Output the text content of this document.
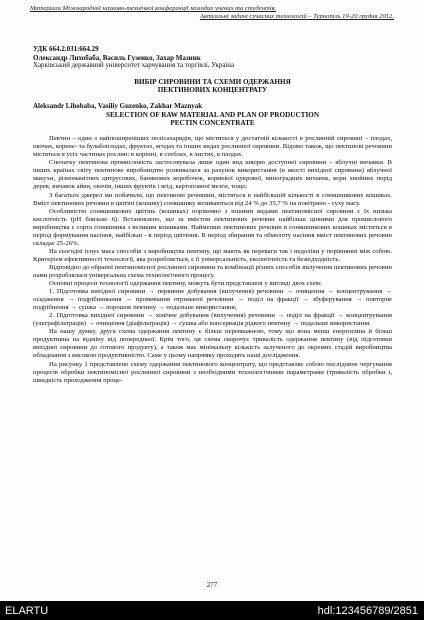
Матеріали Міжнародної науково-технічної конференції молодих учених та студентів.
Актуальні задачі сучасних технологій – Тернопіль 19-20 грудня 2012.

УДК 664.2.031:664.29

Олександр Лихобаба, Василь Гузенко, Захар Мазник

Харківський державний університет харчування та торгівлі, Україна

ВИБІР СИРОВИНИ ТА СХЕМИ ОДЕРЖАННЯ

ПЕКТИНОВИХ КОНЦЕНТРАТУ

Aleksandr Lihobaba, Vasiliy Guzenko, Zakhar Maznyak

SELECTION OF RAW MATERIAL AND PLAN OF PRODUCTION

PECTIN CONCENTRATE

Пектин – один з найпоширеніших полісахаридів, що міститься у достатній кількості в рослинній сировині – плодах, овочах, корене- та бульбоплодах, фруктах, ягодах та інших видах рослинної сировини. Відомо також, що пектинові речовини містяться в усіх частинах рослин: в корінні, в стеблах, в листях, в плодах.

Спочатку пектинова промисловість застосовувала лише один вид шкорю доступної сировини – яблучні вичавки. В інших країнах світу пектинове виробництво розвивалася за рахунок використання (в якості вихідної сировини) яблучної макухи, різноманітних цитрусових, банянових коробочок, кормової цукрової, виноградних вичавок, кори хвойних порід дерев, вичавок айви, овочів, інших фруктів і ягід, картопляної мезги, тощо.

З багатьох джерел ми побачили, що пектинові речовини, містяться в найбільшій кількості в соняшникових кошиках. Вміст пектинових речовин в цвітіні (кошику) соняшнику коливаються від 24 % до 35,7 % на повітряно - суху масу.

Особливістю соняшникових цвітінь (кошиках) порівняно з іншими видами пектиномісної сировини є їх низька кислотність (pH близько 6). Встановлено, що за вмістом пектинових речовин найбільш цінними для промислового виробництва є сорта соняшника з великим кошиками. Найменше пектинових речовин в соняшникових кошиках міститься в період формування насіння, найбільш - в період цвітіння. В період збирання та обмолоту насіння вміст пектинових речовин складає 25-26%.

На сьогодні існує маса способів з виробництва пектину, що мають як переваги так і недоліки у порівнянні між собою. Критерієм ефективності технології, яка розробляється, є її універсальність, екологічність та безвідходність.

Відповідно до обраної пектиномісної рослинної сировини та комбінації різних способів вилучення пектинових речовин нами розроблялася універсальна схема технологічного процесу.

Основні процеси технології одержання пектину, можуть бути представлені у вигляді двох схем:

1. Підготовка вихідної сировини → первинне добування (вилучення) речовини → очищення → концентрування → осадження → подрібнювання → промивання отриманої речовини → поділ на фракції → збуферування → повторне подрібнення → сушка → порошок пектину → подальше використання;

2. Підготовка вихідної сировини → хімічне добування (вилучення) речовини → поділ на фракції → концентрування (ультрафільтрація) → очищення (діафільтрація) → сушка або консервація рідкого пектину → подальше використання.

На нашу думку, друга схема одержання пектину є більш перевважною, тому що вона менш енергоємна й більш продуктивна на відміну від попередньої. Крім того, ця схема скорочує тривалість одержання пектину (від підготовки вихідної сировини до готового продукту), а також має мінімальну кількість залученого до окремих стадій виробництва обладнання з високою продуктивністю. Саме у цьому напрямку проходять наші дослідження.

На рисунку 1 представлено схему одержання пектинового концентрату, що представляє собою послідовне чергування процесів обробки пектиномісної рослинної сировини з необхідними технологічними параметрами (тривалість обробки t, швидкість проходження проце-

277
ELARTU	hdl:123456789/2851
